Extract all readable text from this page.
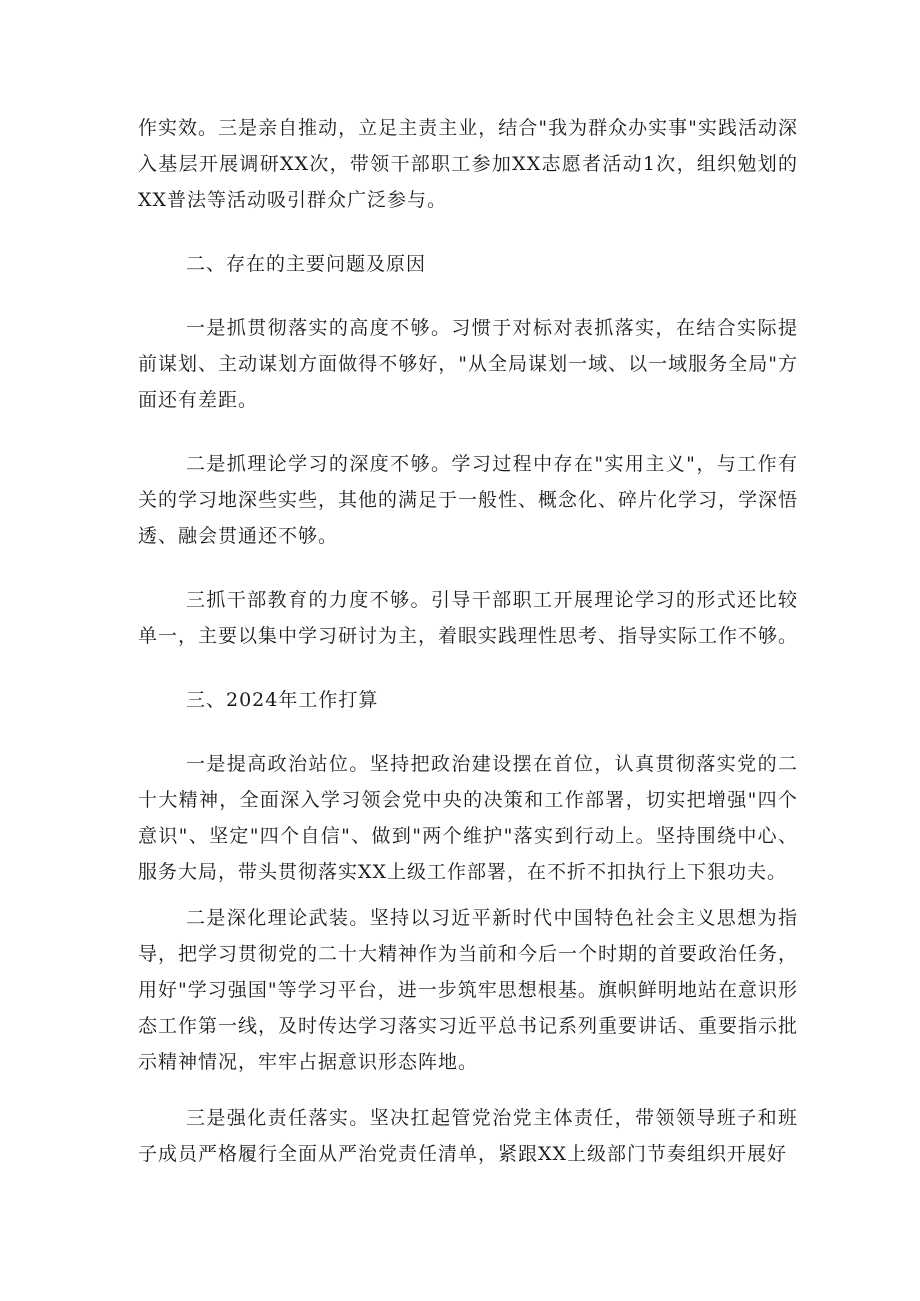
作实效。三是亲自推动，立足主责主业，结合"我为群众办实事"实践活动深入基层开展调研XX次，带领干部职工参加XX志愿者活动1次，组织勉划的XX普法等活动吸引群众广泛参与。

二、存在的主要问题及原因

一是抓贯彻落实的高度不够。习惯于对标对表抓落实，在结合实际提前谋划、主动谋划方面做得不够好，"从全局谋划一域、以一域服务全局"方面还有差距。

二是抓理论学习的深度不够。学习过程中存在"实用主义"，与工作有关的学习地深些实些，其他的满足于一般性、概念化、碎片化学习，学深悟透、融会贯通还不够。

三抓干部教育的力度不够。引导干部职工开展理论学习的形式还比较单一，主要以集中学习研讨为主，着眼实践理性思考、指导实际工作不够。

三、2024年工作打算

一是提高政治站位。坚持把政治建设摆在首位，认真贯彻落实党的二十大精神，全面深入学习领会党中央的决策和工作部署，切实把增强"四个意识"、坚定"四个自信"、做到"两个维护"落实到行动上。坚持围绕中心、服务大局，带头贯彻落实XX上级工作部署，在不折不扣执行上下狠功夫。

二是深化理论武装。坚持以习近平新时代中国特色社会主义思想为指导，把学习贯彻党的二十大精神作为当前和今后一个时期的首要政治任务，用好"学习强国"等学习平台，进一步筑牢思想根基。旗帜鲜明地站在意识形态工作第一线，及时传达学习落实习近平总书记系列重要讲话、重要指示批示精神情况，牢牢占据意识形态阵地。

三是强化责任落实。坚决扛起管党治党主体责任，带领领导班子和班子成员严格履行全面从严治党责任清单，紧跟XX上级部门节奏组织开展好
